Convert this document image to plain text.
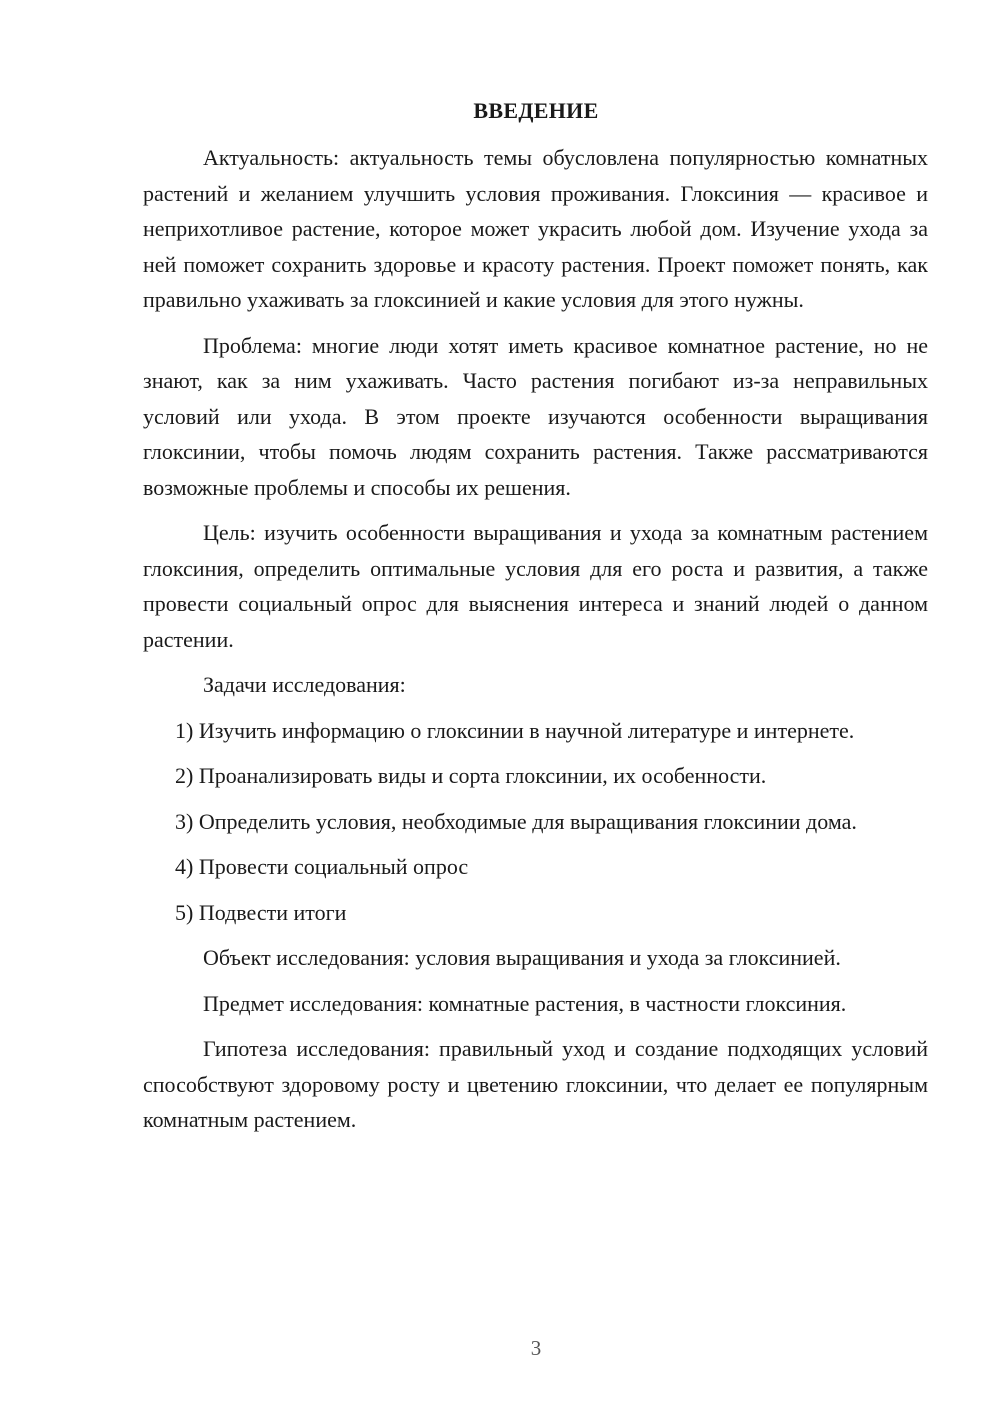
ВВЕДЕНИЕ

Актуальность: актуальность темы обусловлена популярностью комнатных растений и желанием улучшить условия проживания. Глоксиния — красивое и неприхотливое растение, которое может украсить любой дом. Изучение ухода за ней поможет сохранить здоровье и красоту растения. Проект поможет понять, как правильно ухаживать за глоксинией и какие условия для этого нужны.

Проблема: многие люди хотят иметь красивое комнатное растение, но не знают, как за ним ухаживать. Часто растения погибают из-за неправильных условий или ухода. В этом проекте изучаются особенности выращивания глоксинии, чтобы помочь людям сохранить растения. Также рассматриваются возможные проблемы и способы их решения.

Цель: изучить особенности выращивания и ухода за комнатным растением глоксиния, определить оптимальные условия для его роста и развития, а также провести социальный опрос для выяснения интереса и знаний людей о данном растении.

Задачи исследования:

1) Изучить информацию о глоксинии в научной литературе и интернете.

2) Проанализировать виды и сорта глоксинии, их особенности.

3) Определить условия, необходимые для выращивания глоксинии дома.

4) Провести социальный опрос

5) Подвести итоги

Объект исследования: условия выращивания и ухода за глоксинией.

Предмет исследования: комнатные растения, в частности глоксиния.

Гипотеза исследования: правильный уход и создание подходящих условий способствуют здоровому росту и цветению глоксинии, что делает ее популярным комнатным растением.

3
